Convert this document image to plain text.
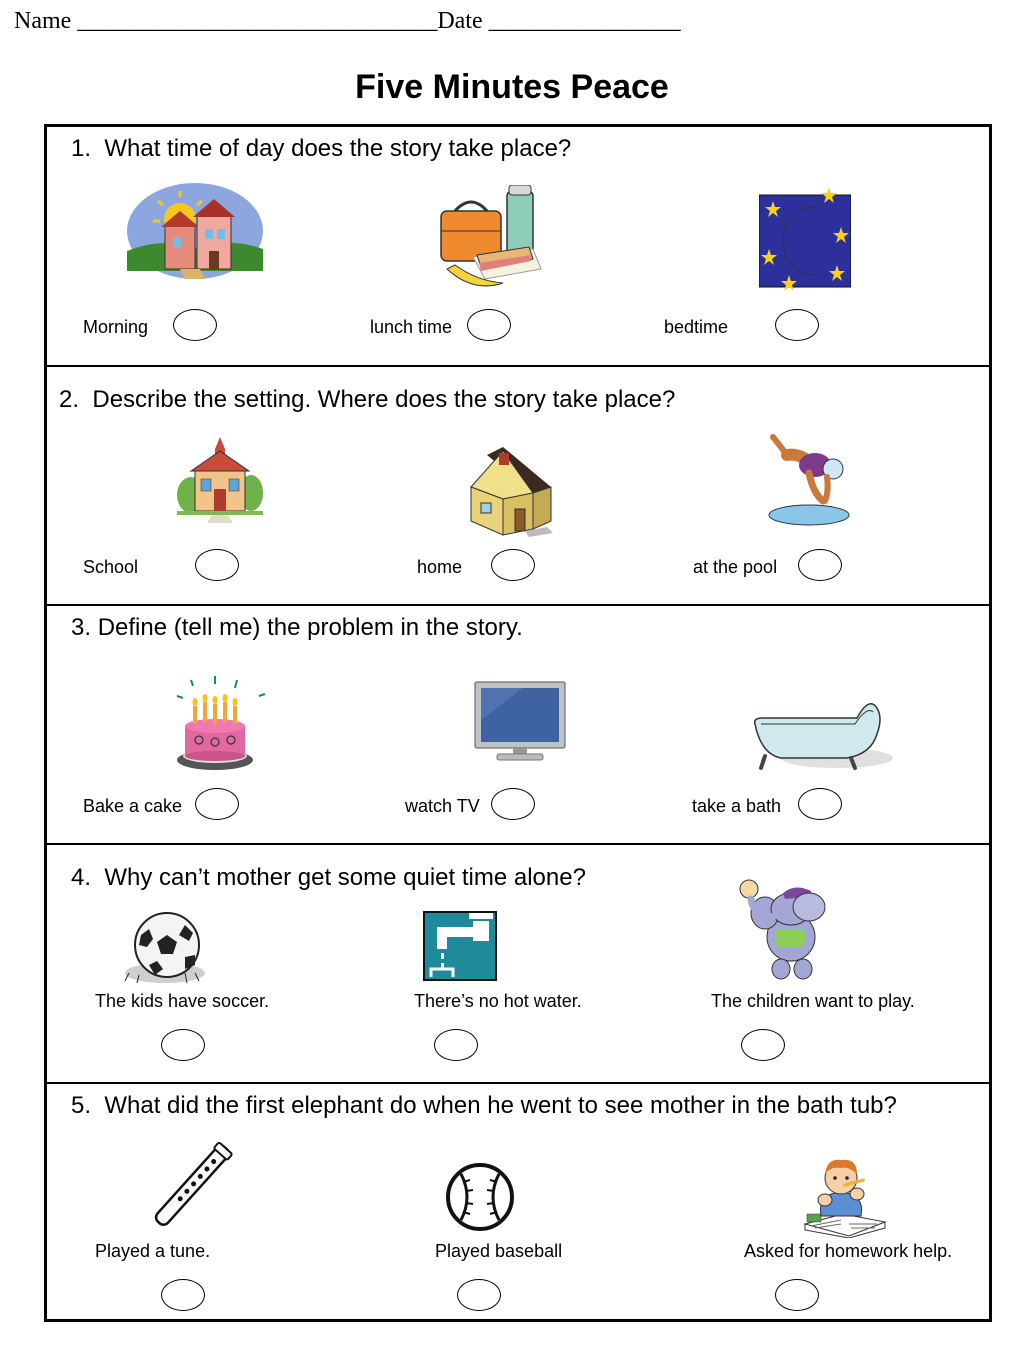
Name ______________________________Date ________________
Five Minutes Peace
1. What time of day does the story take place?
Morning	lunch time	bedtime
2. Describe the setting. Where does the story take place?
School	home	at the pool
3. Define (tell me) the problem in the story.
Bake a cake	watch TV	take a bath
4. Why can’t mother get some quiet time alone?
The kids have soccer.	There’s no hot water.	The children want to play.
5. What did the first elephant do when he went to see mother in the bath tub?
Played a tune.	Played baseball	Asked for homework help.
